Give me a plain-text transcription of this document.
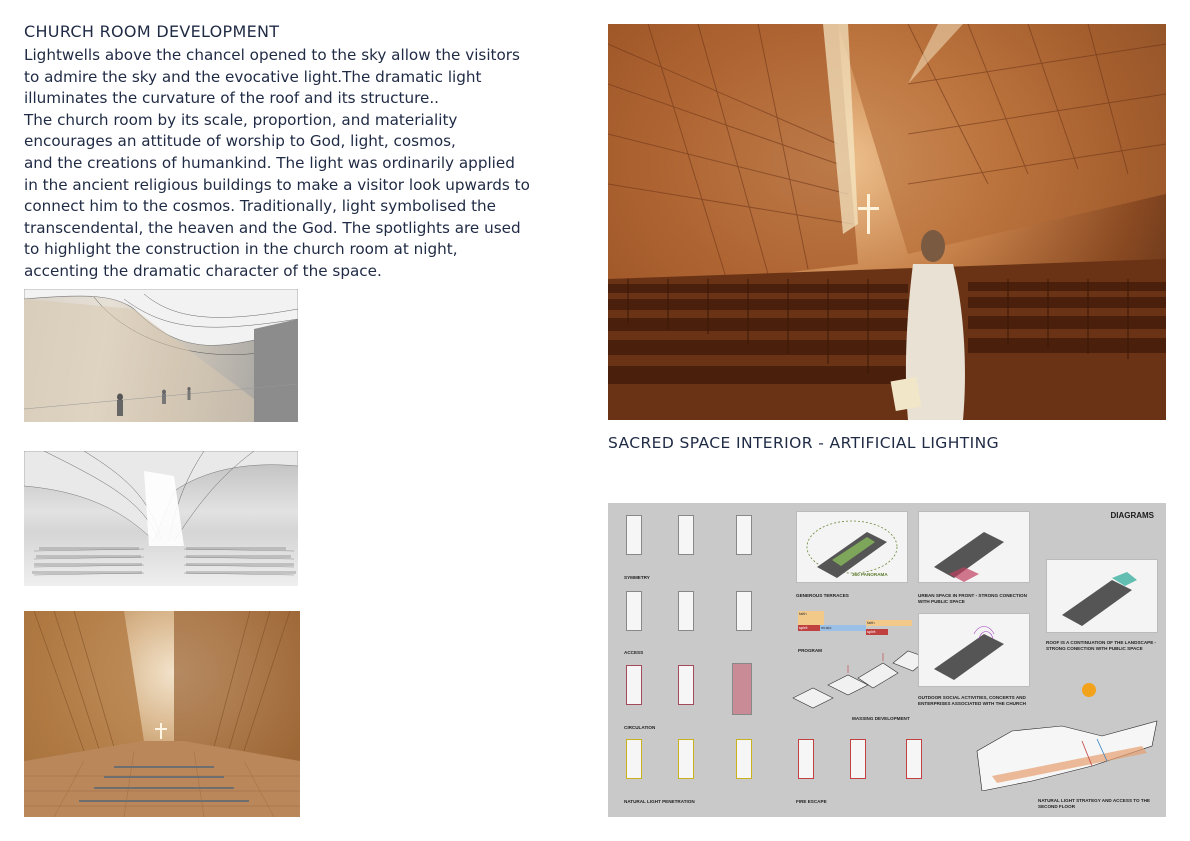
CHURCH ROOM DEVELOPMENT

Lightwells above the chancel opened to the sky allow the visitors

to admire the sky and the evocative light.The dramatic light

illuminates the curvature of the roof and its structure..

The church room by its scale, proportion, and materiality

encourages an attitude of worship to God, light, cosmos,

and the creations of humankind. The light was ordinarily applied

in the ancient religious buildings to make a visitor look upwards to

connect him to the cosmos. Traditionally, light symbolised the

transcendental, the heaven and the God. The spotlights are used

to highlight the construction in the church room at night,

accenting the dramatic character of the space.

SACRED SPACE INTERIOR - ARTIFICIAL LIGHTING
DIAGRAMS
SYMMETRY
ACCESS
CIRCULATION
NATURAL LIGHT PENETRATION	FIRE ESCAPE
360 PANORAMA
GENEROUS TERRACES
faith
spirit	music
faith
spirit
PROGRAM
MASSING DEVELOPMENT
URBAN SPACE IN FRONT - STRONG CONECTION WITH PUBLIC SPACE
OUTDOOR SOCIAL ACTIVITIES, CONCERTS AND ENTERPRISES ASSOCIATED WITH THE CHURCH
ROOF IS A CONTINUATION OF THE LANDSCAPE - STRONG CONECTION WITH PUBLIC SPACE
NATURAL LIGHT STRATEGY AND ACCESS TO THE SECOND FLOOR
